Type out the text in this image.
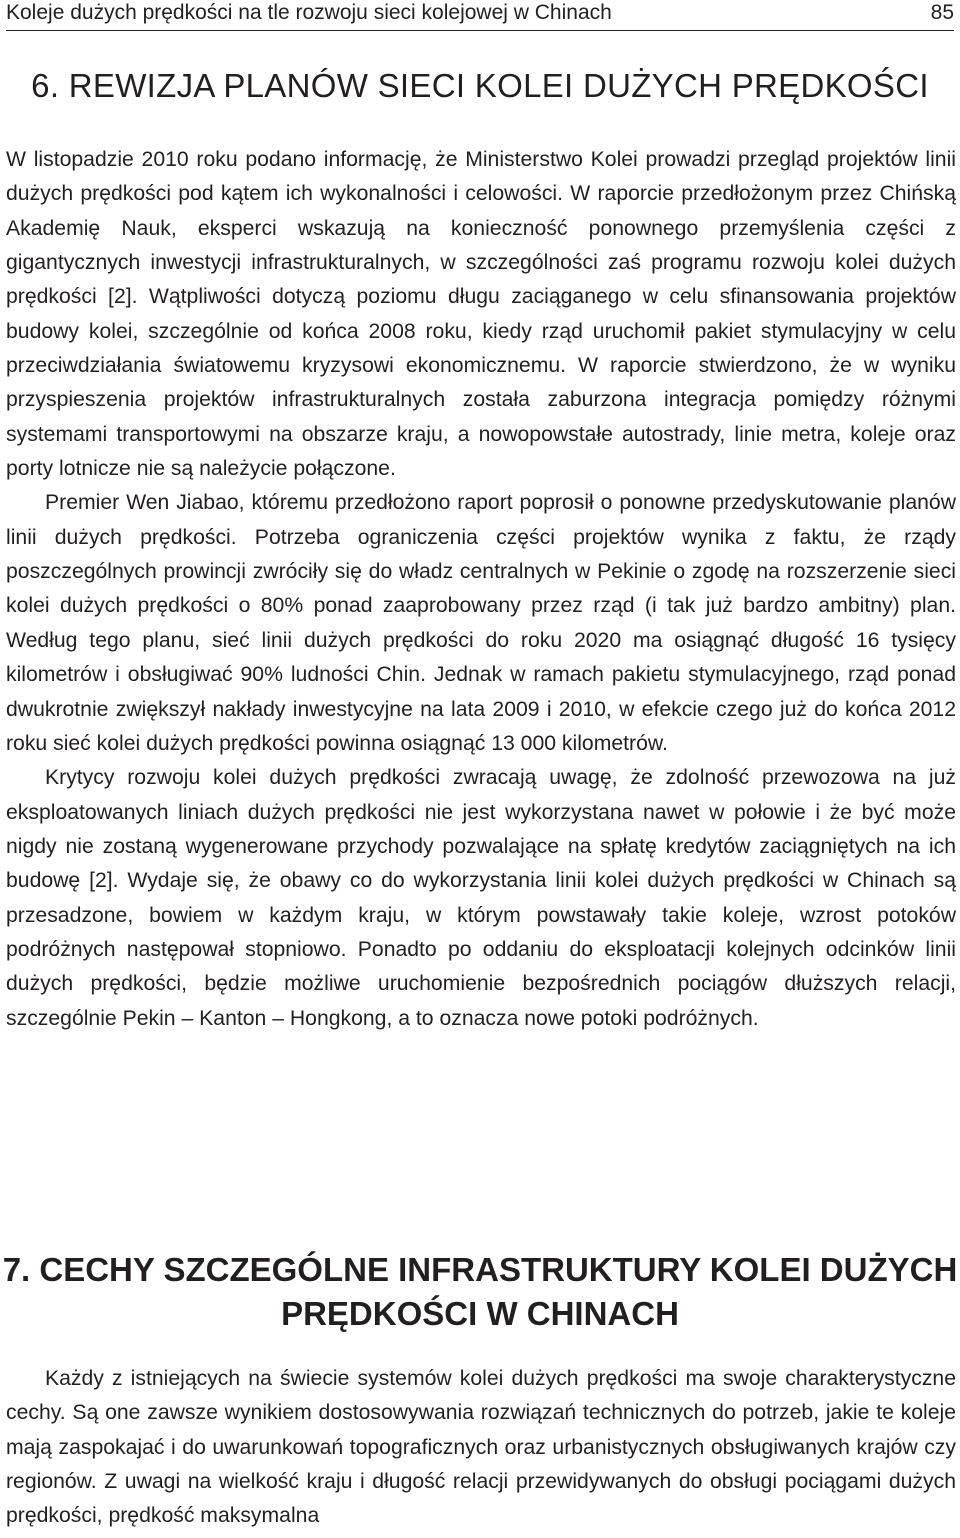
Koleje dużych prędkości na tle rozwoju sieci kolejowej w Chinach	85
6. REWIZJA PLANÓW SIECI KOLEI DUŻYCH PRĘDKOŚCI

W listopadzie 2010 roku podano informację, że Ministerstwo Kolei prowadzi przegląd projektów linii dużych prędkości pod kątem ich wykonalności i celowości. W raporcie przedłożonym przez Chińską Akademię Nauk, eksperci wskazują na konieczność ponownego przemyślenia części z gigantycznych inwestycji infrastrukturalnych, w szczególności zaś programu rozwoju kolei dużych prędkości [2]. Wątpliwości dotyczą poziomu długu zaciąganego w celu sfinansowania projektów budowy kolei, szczególnie od końca 2008 roku, kiedy rząd uruchomił pakiet stymulacyjny w celu przeciwdziałania światowemu kryzysowi ekonomicznemu. W raporcie stwierdzono, że w wyniku przyspieszenia projektów infrastrukturalnych została zaburzona integracja pomiędzy różnymi systemami transportowymi na obszarze kraju, a nowopowstałe autostrady, linie metra, koleje oraz porty lotnicze nie są należycie połączone.

Premier Wen Jiabao, któremu przedłożono raport poprosił o ponowne przedyskutowanie planów linii dużych prędkości. Potrzeba ograniczenia części projektów wynika z faktu, że rządy poszczególnych prowincji zwróciły się do władz centralnych w Pekinie o zgodę na rozszerzenie sieci kolei dużych prędkości o 80% ponad zaaprobowany przez rząd (i tak już bardzo ambitny) plan. Według tego planu, sieć linii dużych prędkości do roku 2020 ma osiągnąć długość 16 tysięcy kilometrów i obsługiwać 90% ludności Chin. Jednak w ramach pakietu stymulacyjnego, rząd ponad dwukrotnie zwiększył nakłady inwestycyjne na lata 2009 i 2010, w efekcie czego już do końca 2012 roku sieć kolei dużych prędkości powinna osiągnąć 13 000 kilometrów.

Krytycy rozwoju kolei dużych prędkości zwracają uwagę, że zdolność przewozowa na już eksploatowanych liniach dużych prędkości nie jest wykorzystana nawet w połowie i że być może nigdy nie zostaną wygenerowane przychody pozwalające na spłatę kredytów zaciągniętych na ich budowę [2]. Wydaje się, że obawy co do wykorzystania linii kolei dużych prędkości w Chinach są przesadzone, bowiem w każdym kraju, w którym powstawały takie koleje, wzrost potoków podróżnych następował stopniowo. Ponadto po oddaniu do eksploatacji kolejnych odcinków linii dużych prędkości, będzie możliwe uruchomienie bezpośrednich pociągów dłuższych relacji, szczególnie Pekin – Kanton – Hongkong, a to oznacza nowe potoki podróżnych.

7. CECHY SZCZEGÓLNE INFRASTRUKTURY KOLEI DUŻYCH PRĘDKOŚCI W CHINACH

Każdy z istniejących na świecie systemów kolei dużych prędkości ma swoje charakterystyczne cechy. Są one zawsze wynikiem dostosowywania rozwiązań technicznych do potrzeb, jakie te koleje mają zaspokajać i do uwarunkowań topograficznych oraz urbanistycznych obsługiwanych krajów czy regionów. Z uwagi na wielkość kraju i długość relacji przewidywanych do obsługi pociągami dużych prędkości, prędkość maksymalna
